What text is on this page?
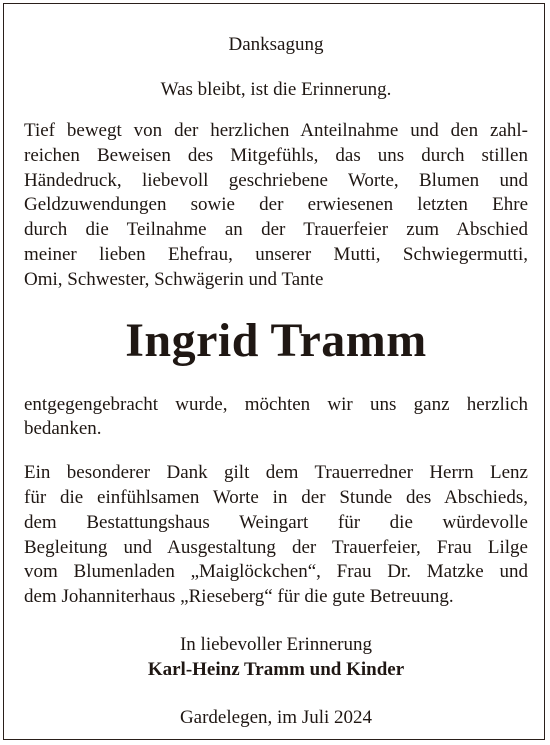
Danksagung
Was bleibt, ist die Erinnerung.
Tief bewegt von der herzlichen Anteilnahme und den zahl-
reichen Beweisen des Mitgefühls, das uns durch stillen
Händedruck, liebevoll geschriebene Worte, Blumen und
Geldzuwendungen sowie der erwiesenen letzten Ehre
durch die Teilnahme an der Trauerfeier zum Abschied
meiner lieben Ehefrau, unserer Mutti, Schwiegermutti,
Omi, Schwester, Schwägerin und Tante
Ingrid Tramm
entgegengebracht wurde, möchten wir uns ganz herzlich
bedanken.
Ein besonderer Dank gilt dem Trauerredner Herrn Lenz
für die einfühlsamen Worte in der Stunde des Abschieds,
dem Bestattungshaus Weingart für die würdevolle
Begleitung und Ausgestaltung der Trauerfeier, Frau Lilge
vom Blumenladen „Maiglöckchen“, Frau Dr. Matzke und
dem Johanniterhaus „Rieseberg“ für die gute Betreuung.
In liebevoller Erinnerung
Karl-Heinz Tramm und Kinder
Gardelegen, im Juli 2024
